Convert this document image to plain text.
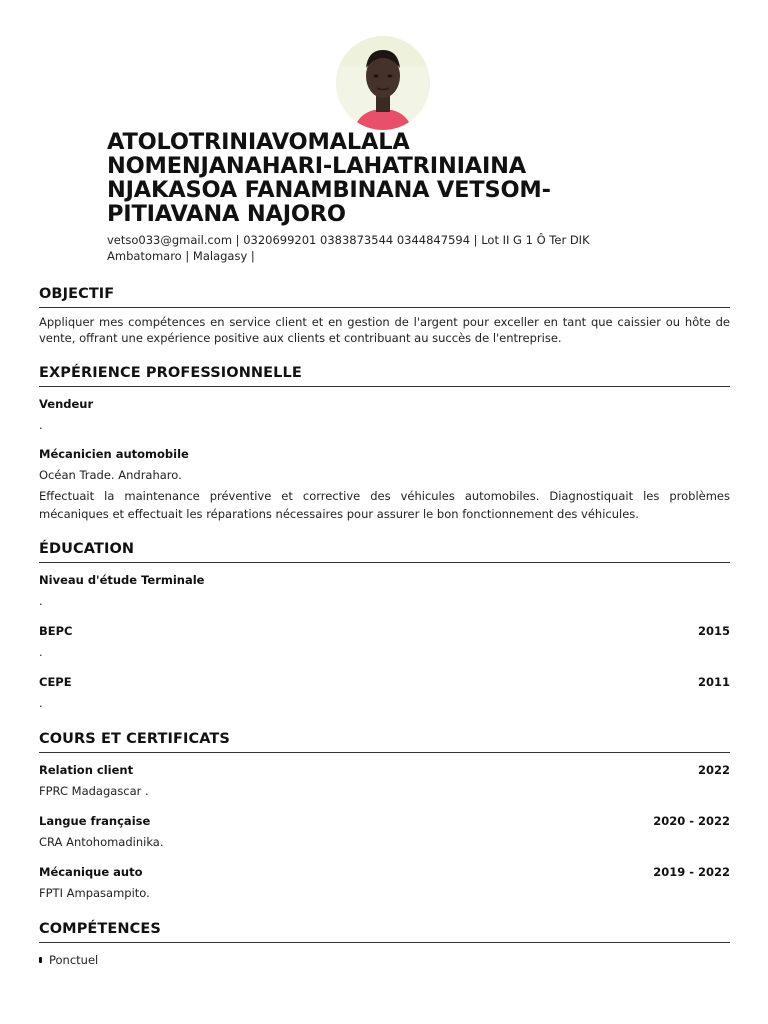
ATOLOTRINIAVOMALALA NOMENJANAHARI-LAHATRINIAINA NJAKASOA FANAMBINANA VETSOM-PITIAVANA NAJORO
vetso033@gmail.com | 0320699201 0383873544 0344847594 | Lot II G 1 Ô Ter DIK Ambatomaro | Malagasy |
OBJECTIF

Appliquer mes compétences en service client et en gestion de l'argent pour exceller en tant que caissier ou hôte de vente, offrant une expérience positive aux clients et contribuant au succès de l'entreprise.

EXPÉRIENCE PROFESSIONNELLE
Vendeur
.
Mécanicien automobile
Océan Trade. Andraharo.
Effectuait la maintenance préventive et corrective des véhicules automobiles. Diagnostiquait les problèmes mécaniques et effectuait les réparations nécessaires pour assurer le bon fonctionnement des véhicules.
ÉDUCATION
Niveau d'étude Terminale
.
BEPC	2015
.
CEPE	2011
.
COURS ET CERTIFICATS
Relation client	2022
FPRC Madagascar .
Langue française	2020 - 2022
CRA Antohomadinika.
Mécanique auto	2019 - 2022
FPTI Ampasampito.
COMPÉTENCES
Ponctuel
